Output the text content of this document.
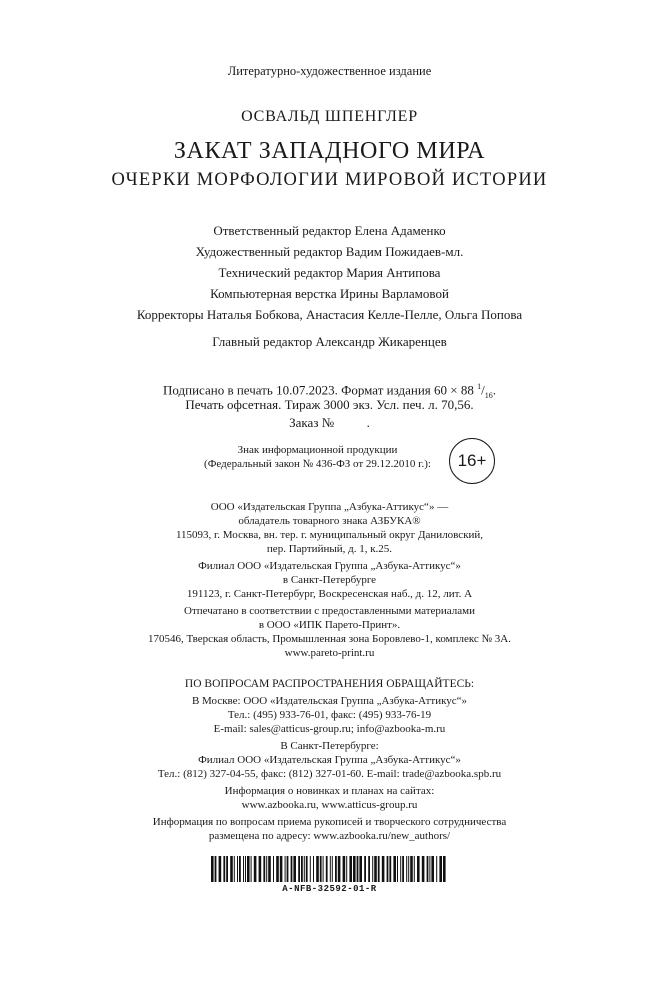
Литературно-художественное издание
ОСВАЛЬД ШПЕНГЛЕР
ЗАКАТ ЗАПАДНОГО МИРА
ОЧЕРКИ МОРФОЛОГИИ МИРОВОЙ ИСТОРИИ
Ответственный редактор Елена Адаменко
Художественный редактор Вадим Пожидаев-мл.
Технический редактор Мария Антипова
Компьютерная верстка Ирины Варламовой
Корректоры Наталья Бобкова, Анастасия Келле-Пелле, Ольга Попова
Главный редактор Александр Жикаренцев
Подписано в печать 10.07.2023. Формат издания 60 × 88 $^1/_{16}$.
Печать офсетная. Тираж 3000 экз. Усл. печ. л. 70,56.
Заказ №          .
Знак информационной продукции
(Федеральный закон № 436-ФЗ от 29.12.2010 г.):	16+
ООО «Издательская Группа „Азбука-Аттикус“» —
обладатель товарного знака АЗБУКА®
115093, г. Москва, вн. тер. г. муниципальный округ Даниловский,
пер. Партийный, д. 1, к.25.
Филиал ООО «Издательская Группа „Азбука-Аттикус“»
в Санкт-Петербурге
191123, г. Санкт-Петербург, Воскресенская наб., д. 12, лит. А
Отпечатано в соответствии с предоставленными материалами
в ООО «ИПК Парето-Принт».
170546, Тверская область, Промышленная зона Боровлево-1, комплекс № 3А.
www.pareto-print.ru
ПО ВОПРОСАМ РАСПРОСТРАНЕНИЯ ОБРАЩАЙТЕСЬ:
В Москве: ООО «Издательская Группа „Азбука-Аттикус“»
Тел.: (495) 933-76-01, факс: (495) 933-76-19
E-mail: sales@atticus-group.ru; info@azbooka-m.ru
В Санкт-Петербурге:
Филиал ООО «Издательская Группа „Азбука-Аттикус“»
Тел.: (812) 327-04-55, факс: (812) 327-01-60. E-mail: trade@azbooka.spb.ru
Информация о новинках и планах на сайтах:
www.azbooka.ru, www.atticus-group.ru
Информация по вопросам приема рукописей и творческого сотрудничества
размещена по адресу: www.azbooka.ru/new_authors/
A-NFB-32592-01-R
